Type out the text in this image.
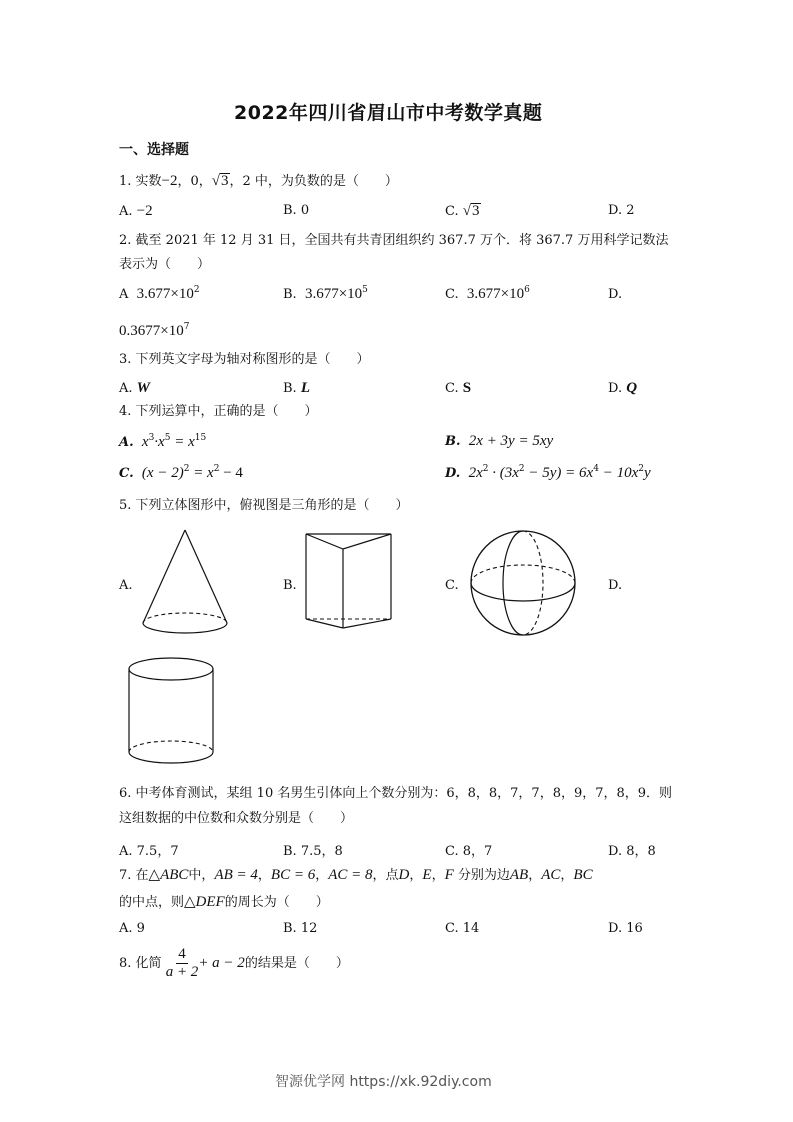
2022年四川省眉山市中考数学真题
一、选择题
1. 实数−2，0，√3，2 中，为负数的是（　　）
A. −2	B. 0	C. √3	D. 2
2. 截至 2021 年 12 月 31 日，全国共有共青团组织约 367.7 万个．将 367.7 万用科学记数法
表示为（　　）
A $3.677\times 10^2$	B. $3.677\times 10^5$	C. $3.677\times 10^6$	D.
$0.3677\times 10^7$
3. 下列英文字母为轴对称图形的是（　　）
A. W	B. L	C. S	D. Q
4. 下列运算中，正确的是（　　）
A. $x^3\cdot x^5 = x^{15}$	B. 2x + 3y = 5xy
C. $(x - 2)^2 = x^2 - 4$	D. $2x^2 \cdot (3x^2 - 5y) = 6x^4 - 10x^2y$
5. 下列立体图形中，俯视图是三角形的是（　　）
A.	B.	C.	D.
6. 中考体育测试，某组 10 名男生引体向上个数分别为：6，8，8，7，7，8，9，7，8，9．则
这组数据的中位数和众数分别是（　　）
A. 7.5，7	B. 7.5，8	C. 8，7	D. 8，8
7. 在△ABC中，AB = 4，BC = 6，AC = 8，点D，E，F 分别为边AB，AC，BC
的中点，则△DEF的周长为（　　）
A. 9	B. 12	C. 14	D. 16
8. 化简 $\frac{4}{a + 2} + a - 2$的结果是（　　）
智源优学网 https://xk.92diy.com
